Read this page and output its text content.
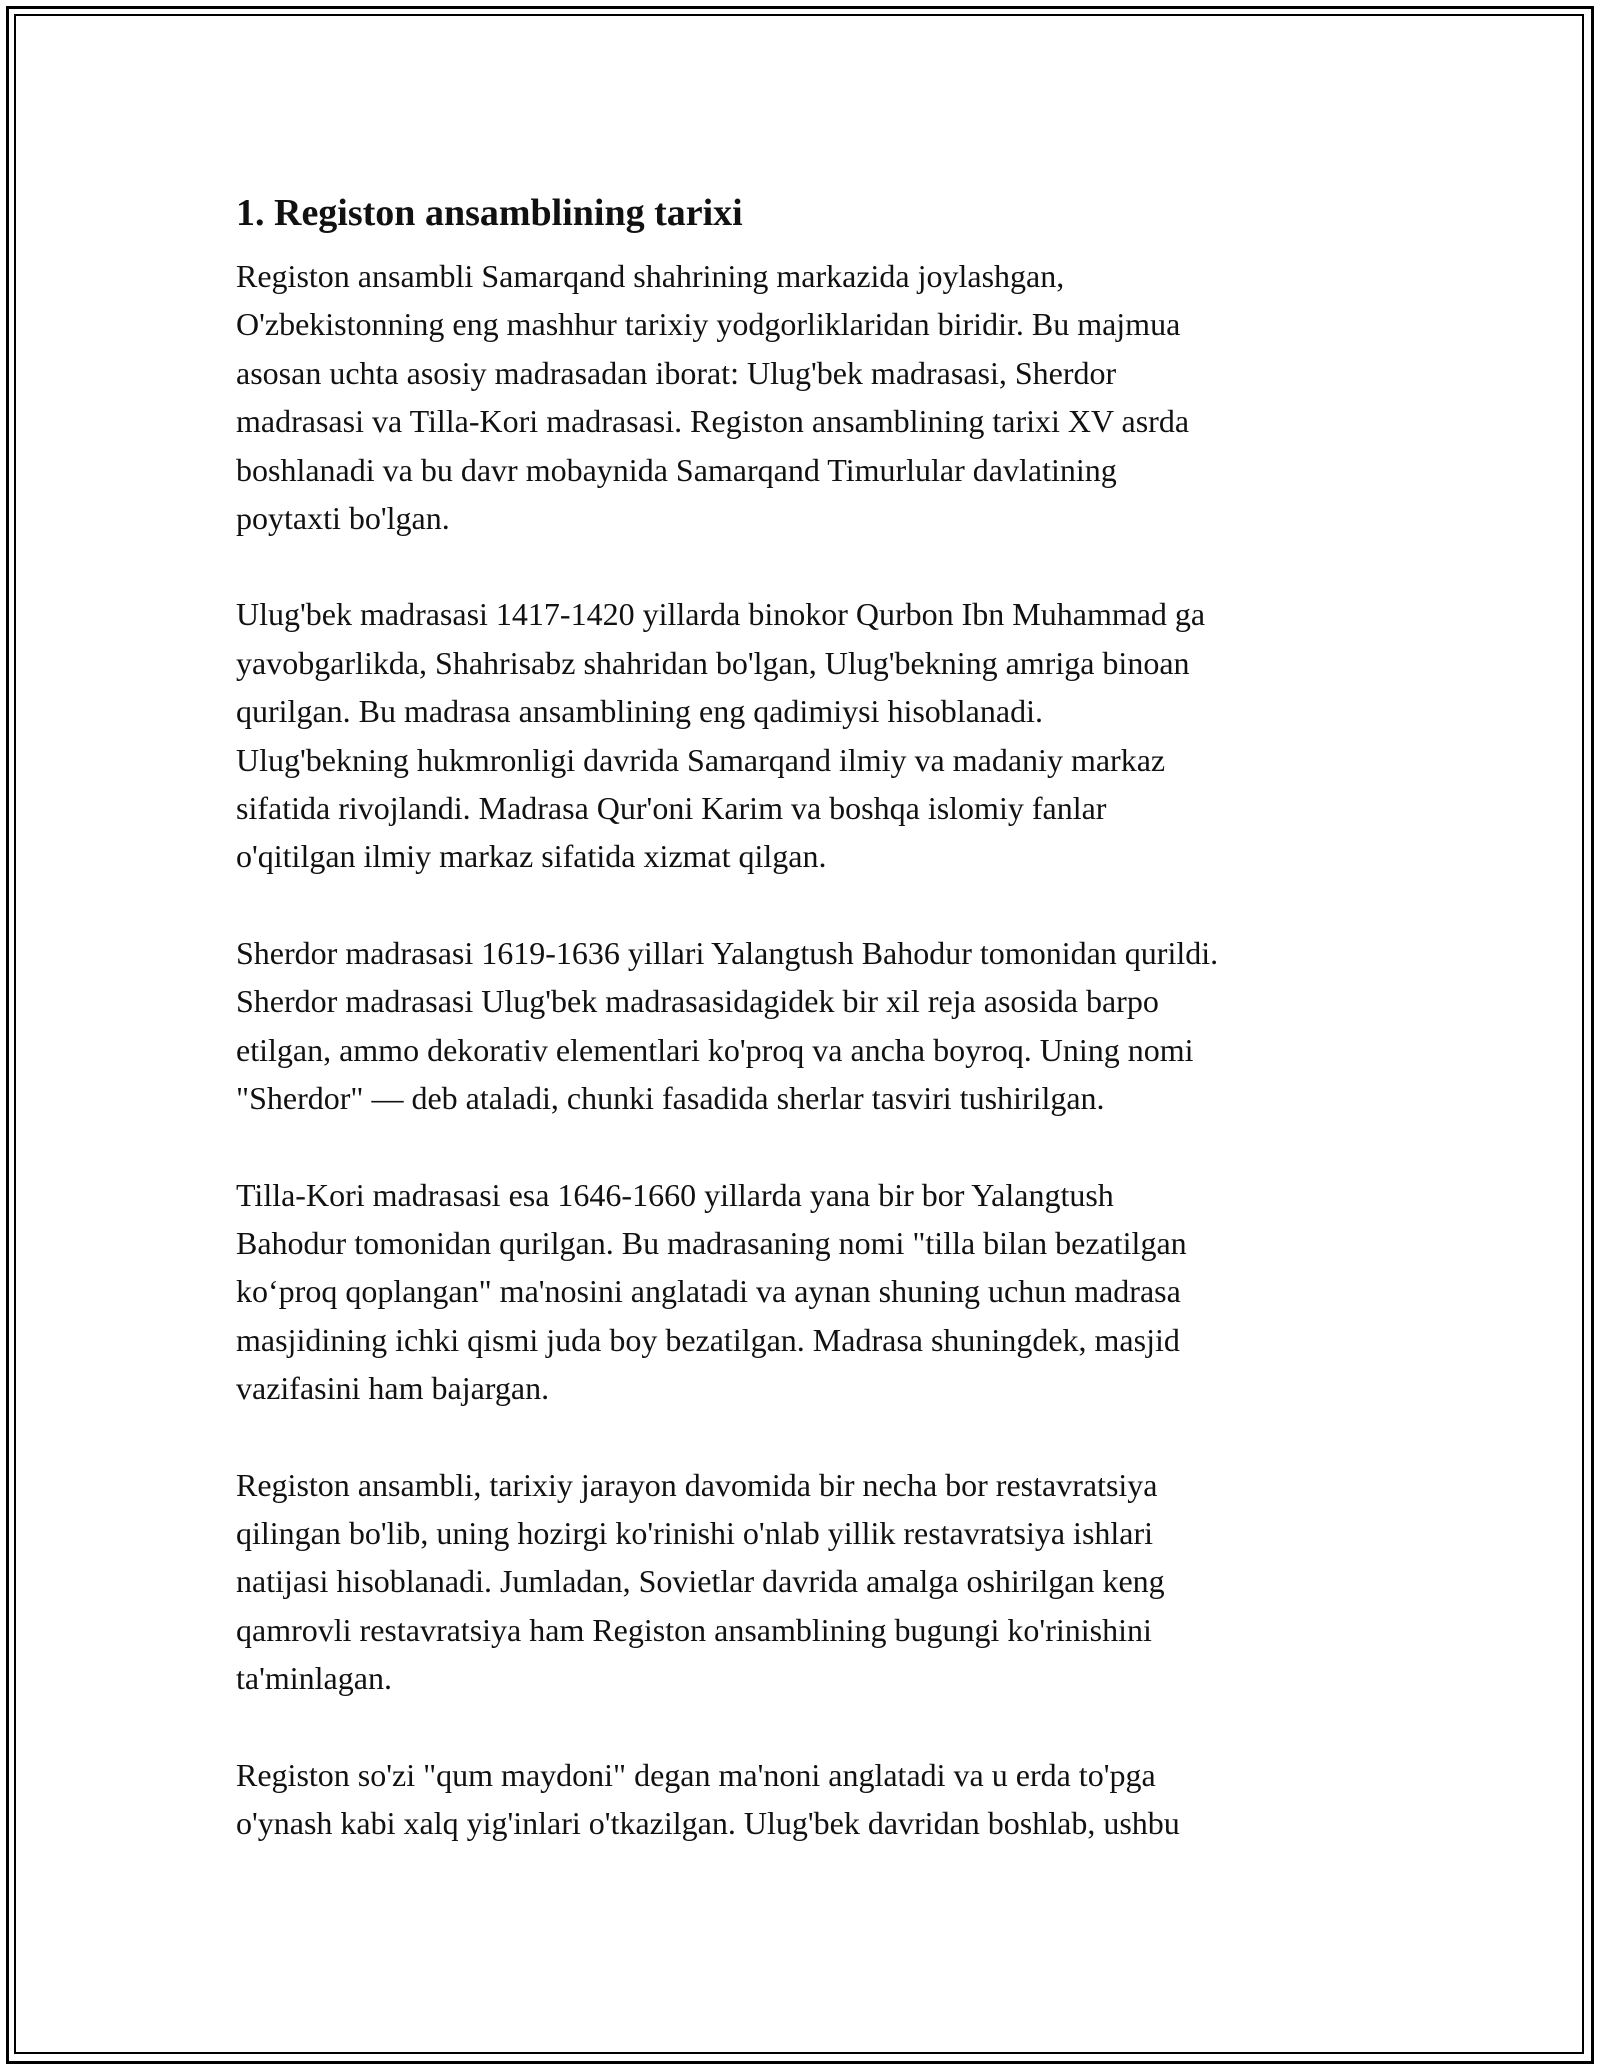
1. Registon ansamblining tarixi

Registon ansambli Samarqand shahrining markazida joylashgan,
O'zbekistonning eng mashhur tarixiy yodgorliklaridan biridir. Bu majmua
asosan uchta asosiy madrasadan iborat: Ulug'bek madrasasi, Sherdor
madrasasi va Tilla-Kori madrasasi. Registon ansamblining tarixi XV asrda
boshlanadi va bu davr mobaynida Samarqand Timurlular davlatining
poytaxti bo'lgan.

Ulug'bek madrasasi 1417-1420 yillarda binokor Qurbon Ibn Muhammad ga
yavobgarlikda, Shahrisabz shahridan bo'lgan, Ulug'bekning amriga binoan
qurilgan. Bu madrasa ansamblining eng qadimiysi hisoblanadi.
Ulug'bekning hukmronligi davrida Samarqand ilmiy va madaniy markaz
sifatida rivojlandi. Madrasa Qur'oni Karim va boshqa islomiy fanlar
o'qitilgan ilmiy markaz sifatida xizmat qilgan.

Sherdor madrasasi 1619-1636 yillari Yalangtush Bahodur tomonidan qurildi.
Sherdor madrasasi Ulug'bek madrasasidagidek bir xil reja asosida barpo
etilgan, ammo dekorativ elementlari ko'proq va ancha boyroq. Uning nomi
"Sherdor" — deb ataladi, chunki fasadida sherlar tasviri tushirilgan.

Tilla-Kori madrasasi esa 1646-1660 yillarda yana bir bor Yalangtush
Bahodur tomonidan qurilgan. Bu madrasaning nomi "tilla bilan bezatilgan
ko‘proq qoplangan" ma'nosini anglatadi va aynan shuning uchun madrasa
masjidining ichki qismi juda boy bezatilgan. Madrasa shuningdek, masjid
vazifasini ham bajargan.

Registon ansambli, tarixiy jarayon davomida bir necha bor restavratsiya
qilingan bo'lib, uning hozirgi ko'rinishi o'nlab yillik restavratsiya ishlari
natijasi hisoblanadi. Jumladan, Sovietlar davrida amalga oshirilgan keng
qamrovli restavratsiya ham Registon ansamblining bugungi ko'rinishini
ta'minlagan.

Registon so'zi "qum maydoni" degan ma'noni anglatadi va u erda to'pga
o'ynash kabi xalq yig'inlari o'tkazilgan. Ulug'bek davridan boshlab, ushbu
